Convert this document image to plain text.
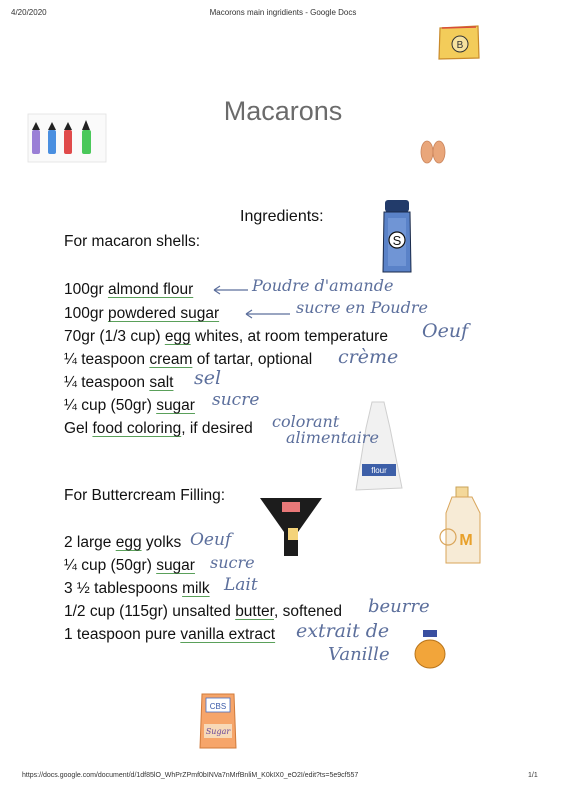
4/20/2020	Macorons main ingridients - Google Docs
B
S
flour
M
CBS
Sugar
Macarons
Ingredients:
For macaron shells:
100gr almond flour
100gr powdered sugar
70gr (1/3 cup) egg whites, at room temperature
¼ teaspoon cream of tartar, optional
¼ teaspoon salt
¼ cup (50gr) sugar
Gel food coloring, if desired
For Buttercream Filling:
2 large egg yolks
¼ cup (50gr) sugar
3 ½ tablespoons milk
1/2 cup (115gr) unsalted butter, softened
1 teaspoon pure vanilla extract
Poudre d'amande
sucre en Poudre
Oeuf
crème
sel
sucre
colorant
alimentaire
Oeuf
sucre
Lait
beurre
extrait de
Vanille
https://docs.google.com/document/d/1df85lO_WhPrZPmf0bINVa7nMrfBnliM_K0kIX0_eO2I/edit?ts=5e9cf557	1/1
